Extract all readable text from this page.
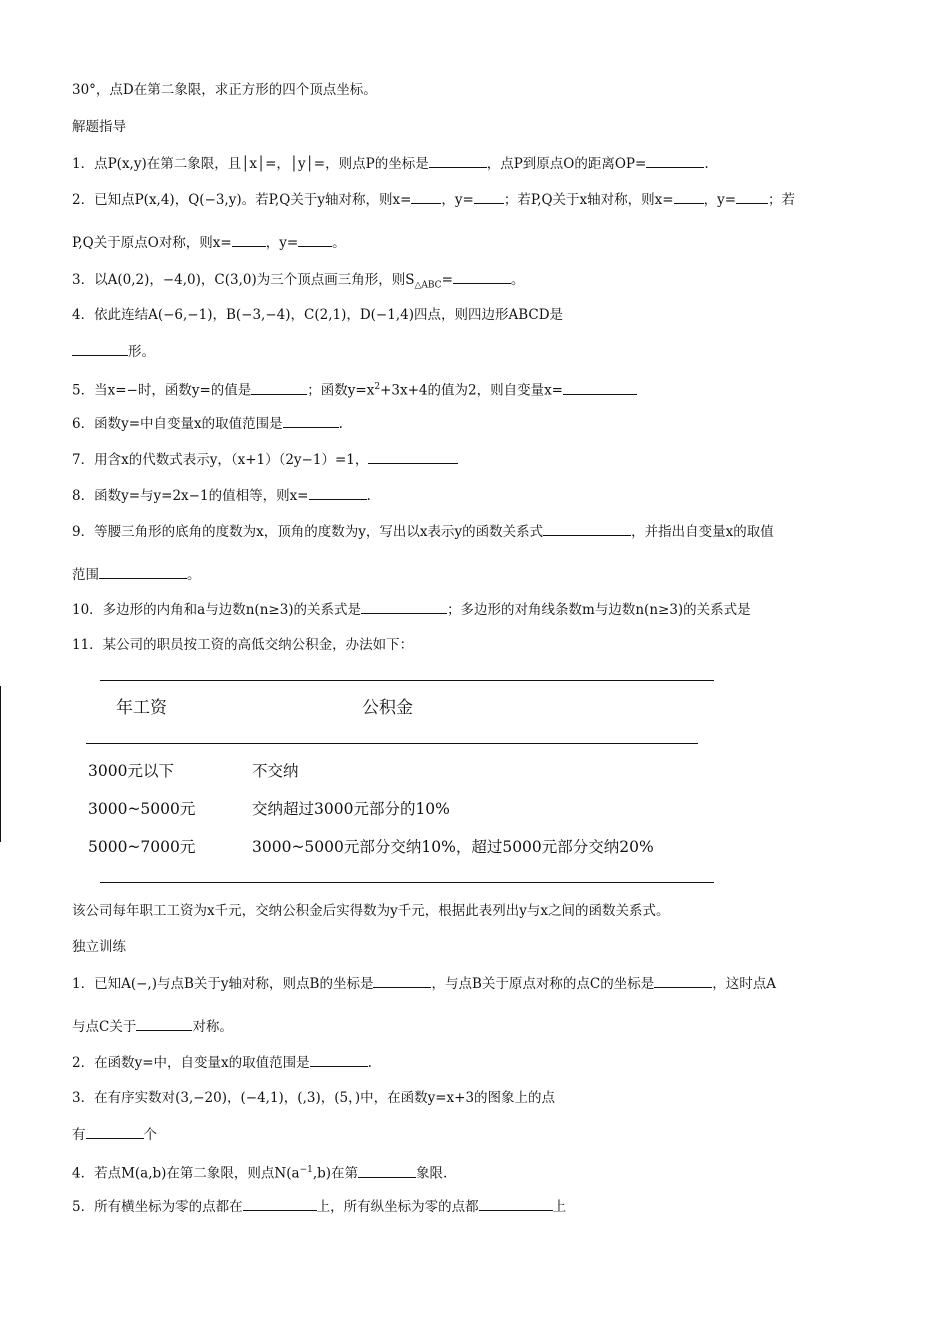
30°，点D在第二象限，求正方形的四个顶点坐标。
解题指导
1．点P(x,y)在第二象限，且│x│=，│y│=，则点P的坐标是	，点P到原点O的距离OP=	.
2．已知点P(x,4)，Q(−3,y)。若P,Q关于y轴对称，则x= ，y= ；若P,Q关于x轴对称，则x= ，y= ；若
P,Q关于原点O对称，则x=	，y=	。
3．以A(0,2)，−4,0)，C(3,0)为三个顶点画三角形，则$S_{\triangle ABC}=$	。
4．依此连结A(−6,−1)，B(−3,−4)，C(2,1)，D(−1,4)四点，则四边形ABCD是
形。
5．当x=−时，函数y=的值是	；函数$y=x^2+3x+4$的值为2，则自变量x=
6．函数y=中自变量x的取值范围是	.
7．用含x的代数式表示y，（x+1）（2y−1）=1，
8．函数y=与y=2x−1的值相等，则x=	.
9．等腰三角形的底角的度数为x，顶角的度数为y，写出以x表示y的函数关系式	，并指出自变量x的取值
范围	。
10．多边形的内角和a与边数n(n≥3)的关系式是	；多边形的对角线条数m与边数n(n≥3)的关系式是
11．某公司的职员按工资的高低交纳公积金，办法如下：
年工资	公积金
3000元以下	不交纳
3000~5000元	交纳超过3000元部分的10%
5000~7000元	3000~5000元部分交纳10%，超过5000元部分交纳20%
该公司每年职工工资为x千元，交纳公积金后实得数为y千元，根据此表列出y与x之间的函数关系式。
独立训练
1．已知A(−,)与点B关于y轴对称，则点B的坐标是	，与点B关于原点对称的点C的坐标是	，这时点A
与点C关于	对称。
2．在函数y=中，自变量x的取值范围是	.
3．在有序实数对(3,−20)，(−4,1)，(,3)，(5，)中，在函数y=x+3的图象上的点
有	个
4．若点M(a,b)在第二象限，则点$N(a^{-1},b)$在第	象限.
5．所有横坐标为零的点都在	上，所有纵坐标为零的点都	上
